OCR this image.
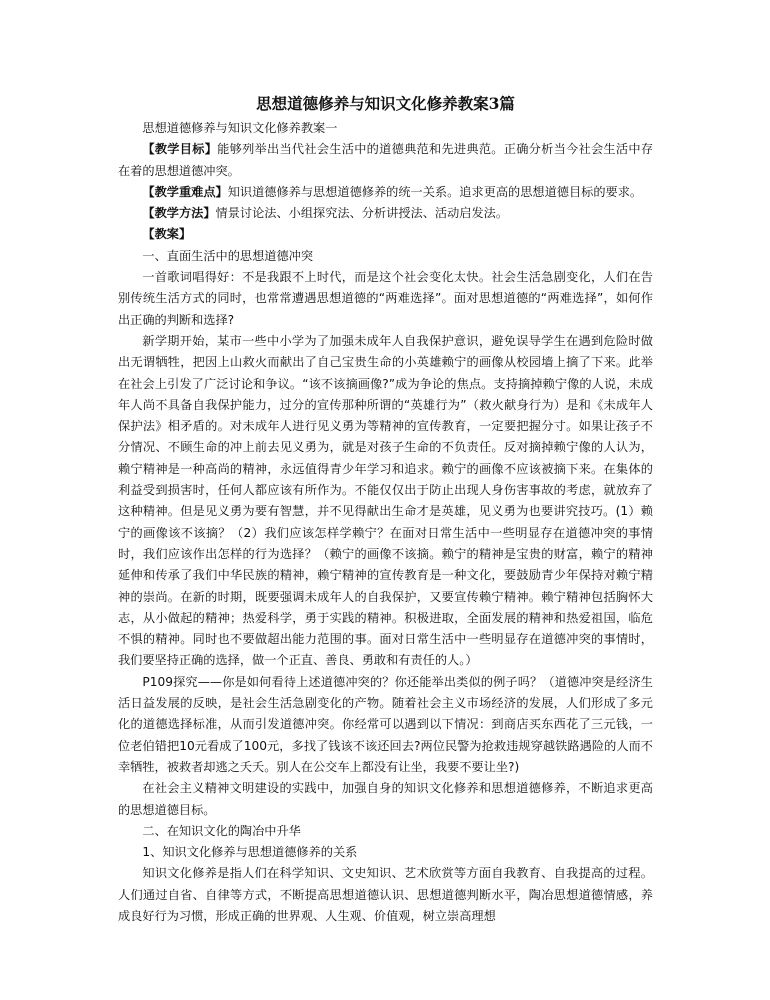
思想道德修养与知识文化修养教案3篇

思想道德修养与知识文化修养教案一

【教学目标】能够列举出当代社会生活中的道德典范和先进典范。正确分析当今社会生活中存在着的思想道德冲突。

【教学重难点】知识道德修养与思想道德修养的统一关系。追求更高的思想道德目标的要求。

【教学方法】情景讨论法、小组探究法、分析讲授法、活动启发法。

【教案】

一、直面生活中的思想道德冲突

一首歌词唱得好：不是我跟不上时代，而是这个社会变化太快。社会生活急剧变化，人们在告别传统生活方式的同时，也常常遭遇思想道德的“两难选择”。面对思想道德的“两难选择”，如何作出正确的判断和选择?

新学期开始，某市一些中小学为了加强未成年人自我保护意识，避免误导学生在遇到危险时做出无谓牺牲，把因上山救火而献出了自己宝贵生命的小英雄赖宁的画像从校园墙上摘了下来。此举在社会上引发了广泛讨论和争议。“该不该摘画像?”成为争论的焦点。支持摘掉赖宁像的人说，未成年人尚不具备自我保护能力，过分的宣传那种所谓的“英雄行为”（救火献身行为）是和《未成年人保护法》相矛盾的。对未成年人进行见义勇为等精神的宣传教育，一定要把握分寸。如果让孩子不分情况、不顾生命的冲上前去见义勇为，就是对孩子生命的不负责任。反对摘掉赖宁像的人认为，赖宁精神是一种高尚的精神，永远值得青少年学习和追求。赖宁的画像不应该被摘下来。在集体的利益受到损害时，任何人都应该有所作为。不能仅仅出于防止出现人身伤害事故的考虑，就放弃了这种精神。但是见义勇为要有智慧，并不见得献出生命才是英雄，见义勇为也要讲究技巧。(1）赖宁的画像该不该摘？（2）我们应该怎样学赖宁？在面对日常生活中一些明显存在道德冲突的事情时，我们应该作出怎样的行为选择？（赖宁的画像不该摘。赖宁的精神是宝贵的财富，赖宁的精神延伸和传承了我们中华民族的精神，赖宁精神的宣传教育是一种文化，要鼓励青少年保持对赖宁精神的崇尚。在新的时期，既要强调未成年人的自我保护，又要宣传赖宁精神。赖宁精神包括胸怀大志，从小做起的精神；热爱科学，勇于实践的精神。积极进取，全面发展的精神和热爱祖国，临危不惧的精神。同时也不要做超出能力范围的事。面对日常生活中一些明显存在道德冲突的事情时，我们要坚持正确的选择，做一个正直、善良、勇敢和有责任的人。）

P109探究——你是如何看待上述道德冲突的？你还能举出类似的例子吗？（道德冲突是经济生活日益发展的反映，是社会生活急剧变化的产物。随着社会主义市场经济的发展，人们形成了多元化的道德选择标准，从而引发道德冲突。你经常可以遇到以下情况：到商店买东西花了三元钱，一位老伯错把10元看成了100元，多找了钱该不该还回去?两位民警为抢救违规穿越铁路遇险的人而不幸牺牲，被救者却逃之夭夭。别人在公交车上都没有让坐，我要不要让坐?)

在社会主义精神文明建设的实践中，加强自身的知识文化修养和思想道德修养，不断追求更高的思想道德目标。

二、在知识文化的陶冶中升华

1、知识文化修养与思想道德修养的关系

知识文化修养是指人们在科学知识、文史知识、艺术欣赏等方面自我教育、自我提高的过程。人们通过自省、自律等方式，不断提高思想道德认识、思想道德判断水平，陶冶思想道德情感，养成良好行为习惯，形成正确的世界观、人生观、价值观，树立崇高理想
